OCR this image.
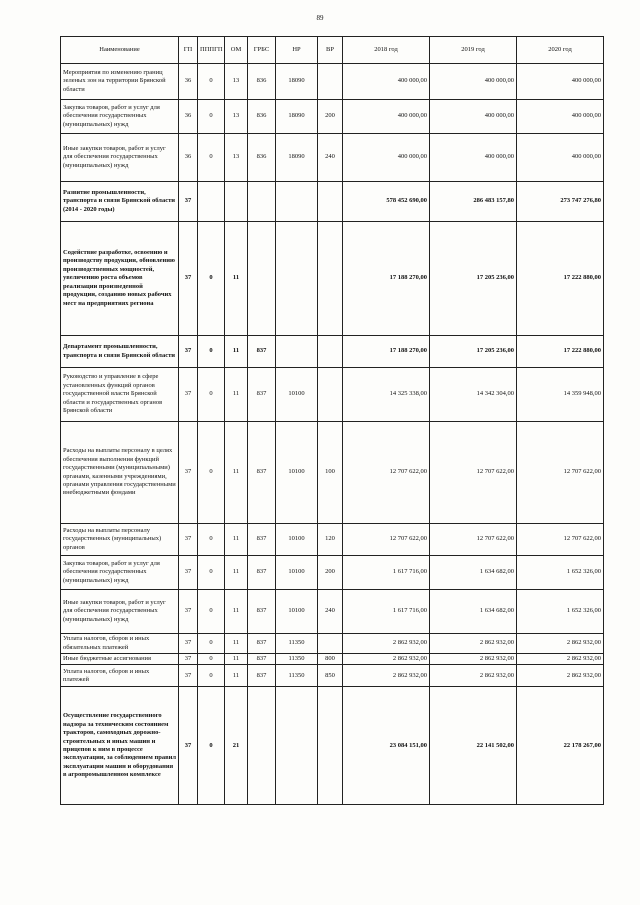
89
Наименование	ГП	ПППГП	ОМ	ГРБС	НР	ВР	2018 год	2019 год	2020 год
Мероприятия по изменению границ зеленых зон на территории Брянской области	36	0	13	836	18090		400 000,00	400 000,00	400 000,00
Закупка товаров, работ и услуг для обеспечения государственных (муниципальных) нужд	36	0	13	836	18090	200	400 000,00	400 000,00	400 000,00
Иные закупки товаров, работ и услуг для обеспечения государственных (муниципальных) нужд	36	0	13	836	18090	240	400 000,00	400 000,00	400 000,00
Развитие промышленности, транспорта и связи Брянской области (2014 - 2020 годы)	37						578 452 690,00	286 483 157,80	273 747 276,80
Содействие разработке, освоению и производству продукции, обновлению производственных мощностей, увеличению роста объемов реализации произведенной продукции, созданию новых рабочих мест на предприятиях региона	37	0	11				17 188 270,00	17 205 236,00	17 222 880,00
Департамент промышленности, транспорта и связи Брянской области	37	0	11	837			17 188 270,00	17 205 236,00	17 222 880,00
Руководство и управление в сфере установленных функций органов государственной власти Брянской области и государственных органов Брянской области	37	0	11	837	10100		14 325 338,00	14 342 304,00	14 359 948,00
Расходы на выплаты персоналу в целях обеспечения выполнения функций государственными (муниципальными) органами, казенными учреждениями, органами управления государственными внебюджетными фондами	37	0	11	837	10100	100	12 707 622,00	12 707 622,00	12 707 622,00
Расходы на выплаты персоналу государственных (муниципальных) органов	37	0	11	837	10100	120	12 707 622,00	12 707 622,00	12 707 622,00
Закупка товаров, работ и услуг для обеспечения государственных (муниципальных) нужд	37	0	11	837	10100	200	1 617 716,00	1 634 682,00	1 652 326,00
Иные закупки товаров, работ и услуг для обеспечения государственных (муниципальных) нужд	37	0	11	837	10100	240	1 617 716,00	1 634 682,00	1 652 326,00
Уплата налогов, сборов и иных обязательных платежей	37	0	11	837	11350		2 862 932,00	2 862 932,00	2 862 932,00
Иные бюджетные ассигнования	37	0	11	837	11350	800	2 862 932,00	2 862 932,00	2 862 932,00
Уплата налогов, сборов и иных платежей	37	0	11	837	11350	850	2 862 932,00	2 862 932,00	2 862 932,00
Осуществление государственного надзора за техническим состоянием тракторов, самоходных дорожно-строительных и иных машин и прицепов к ним в процессе эксплуатации, за соблюдением правил эксплуатации машин и оборудования в агропромышленном комплексе	37	0	21				23 084 151,00	22 141 502,00	22 178 267,00
